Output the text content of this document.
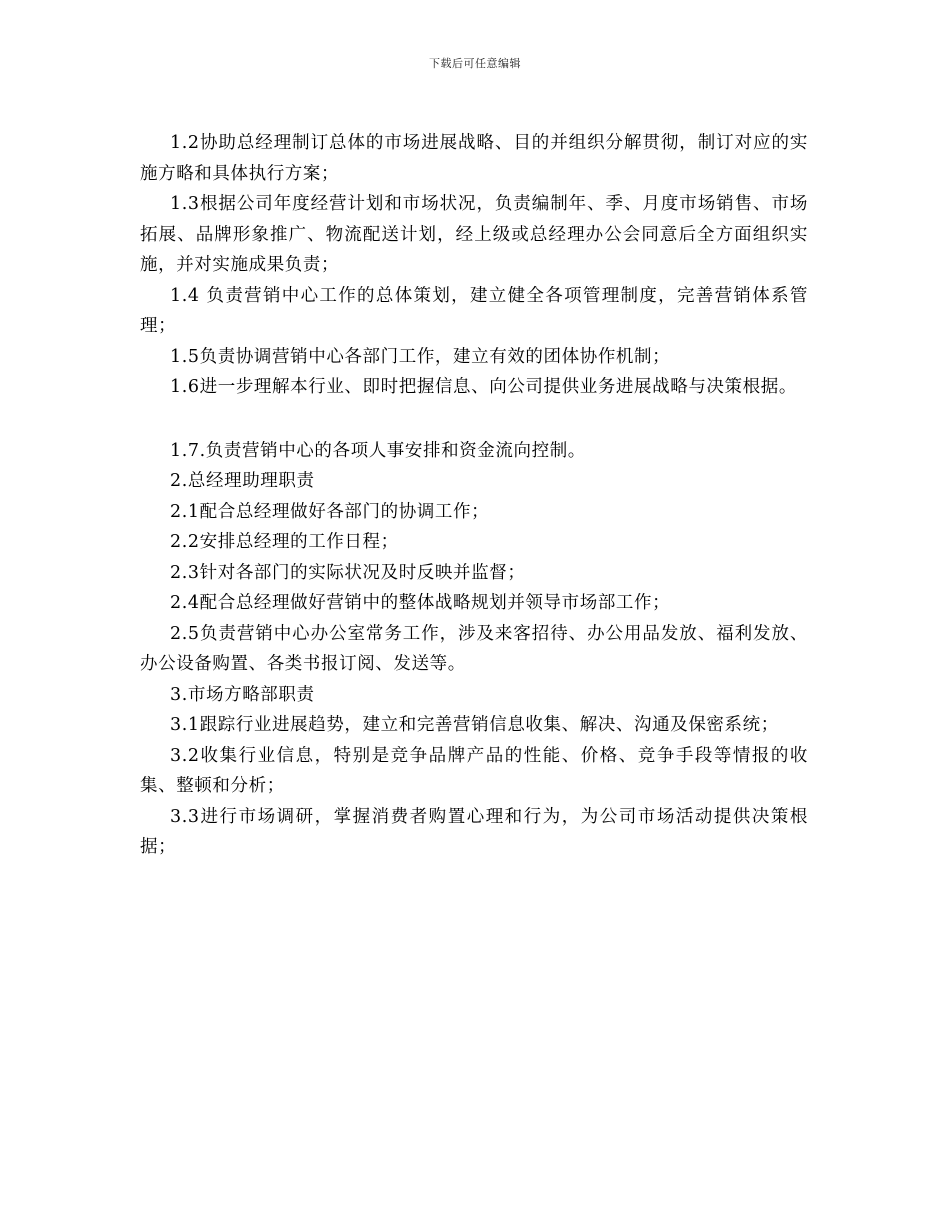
下载后可任意编辑

1.2协助总经理制订总体的市场进展战略、目的并组织分解贯彻，制订对应的实施方略和具体执行方案；

1.3根据公司年度经营计划和市场状况，负责编制年、季、月度市场销售、市场拓展、品牌形象推广、物流配送计划，经上级或总经理办公会同意后全方面组织实施，并对实施成果负责；

1.4 负责营销中心工作的总体策划，建立健全各项管理制度，完善营销体系管理；

1.5负责协调营销中心各部门工作，建立有效的团体协作机制；

1.6进一步理解本行业、即时把握信息、向公司提供业务进展战略与决策根据。

1.7.负责营销中心的各项人事安排和资金流向控制。

2.总经理助理职责

2.1配合总经理做好各部门的协调工作；

2.2安排总经理的工作日程；

2.3针对各部门的实际状况及时反映并监督；

2.4配合总经理做好营销中的整体战略规划并领导市场部工作；

2.5负责营销中心办公室常务工作，涉及来客招待、办公用品发放、福利发放、办公设备购置、各类书报订阅、发送等。

3.市场方略部职责

3.1跟踪行业进展趋势，建立和完善营销信息收集、解决、沟通及保密系统；

3.2收集行业信息，特别是竞争品牌产品的性能、价格、竞争手段等情报的收集、整顿和分析；

3.3进行市场调研，掌握消费者购置心理和行为，为公司市场活动提供决策根据；
